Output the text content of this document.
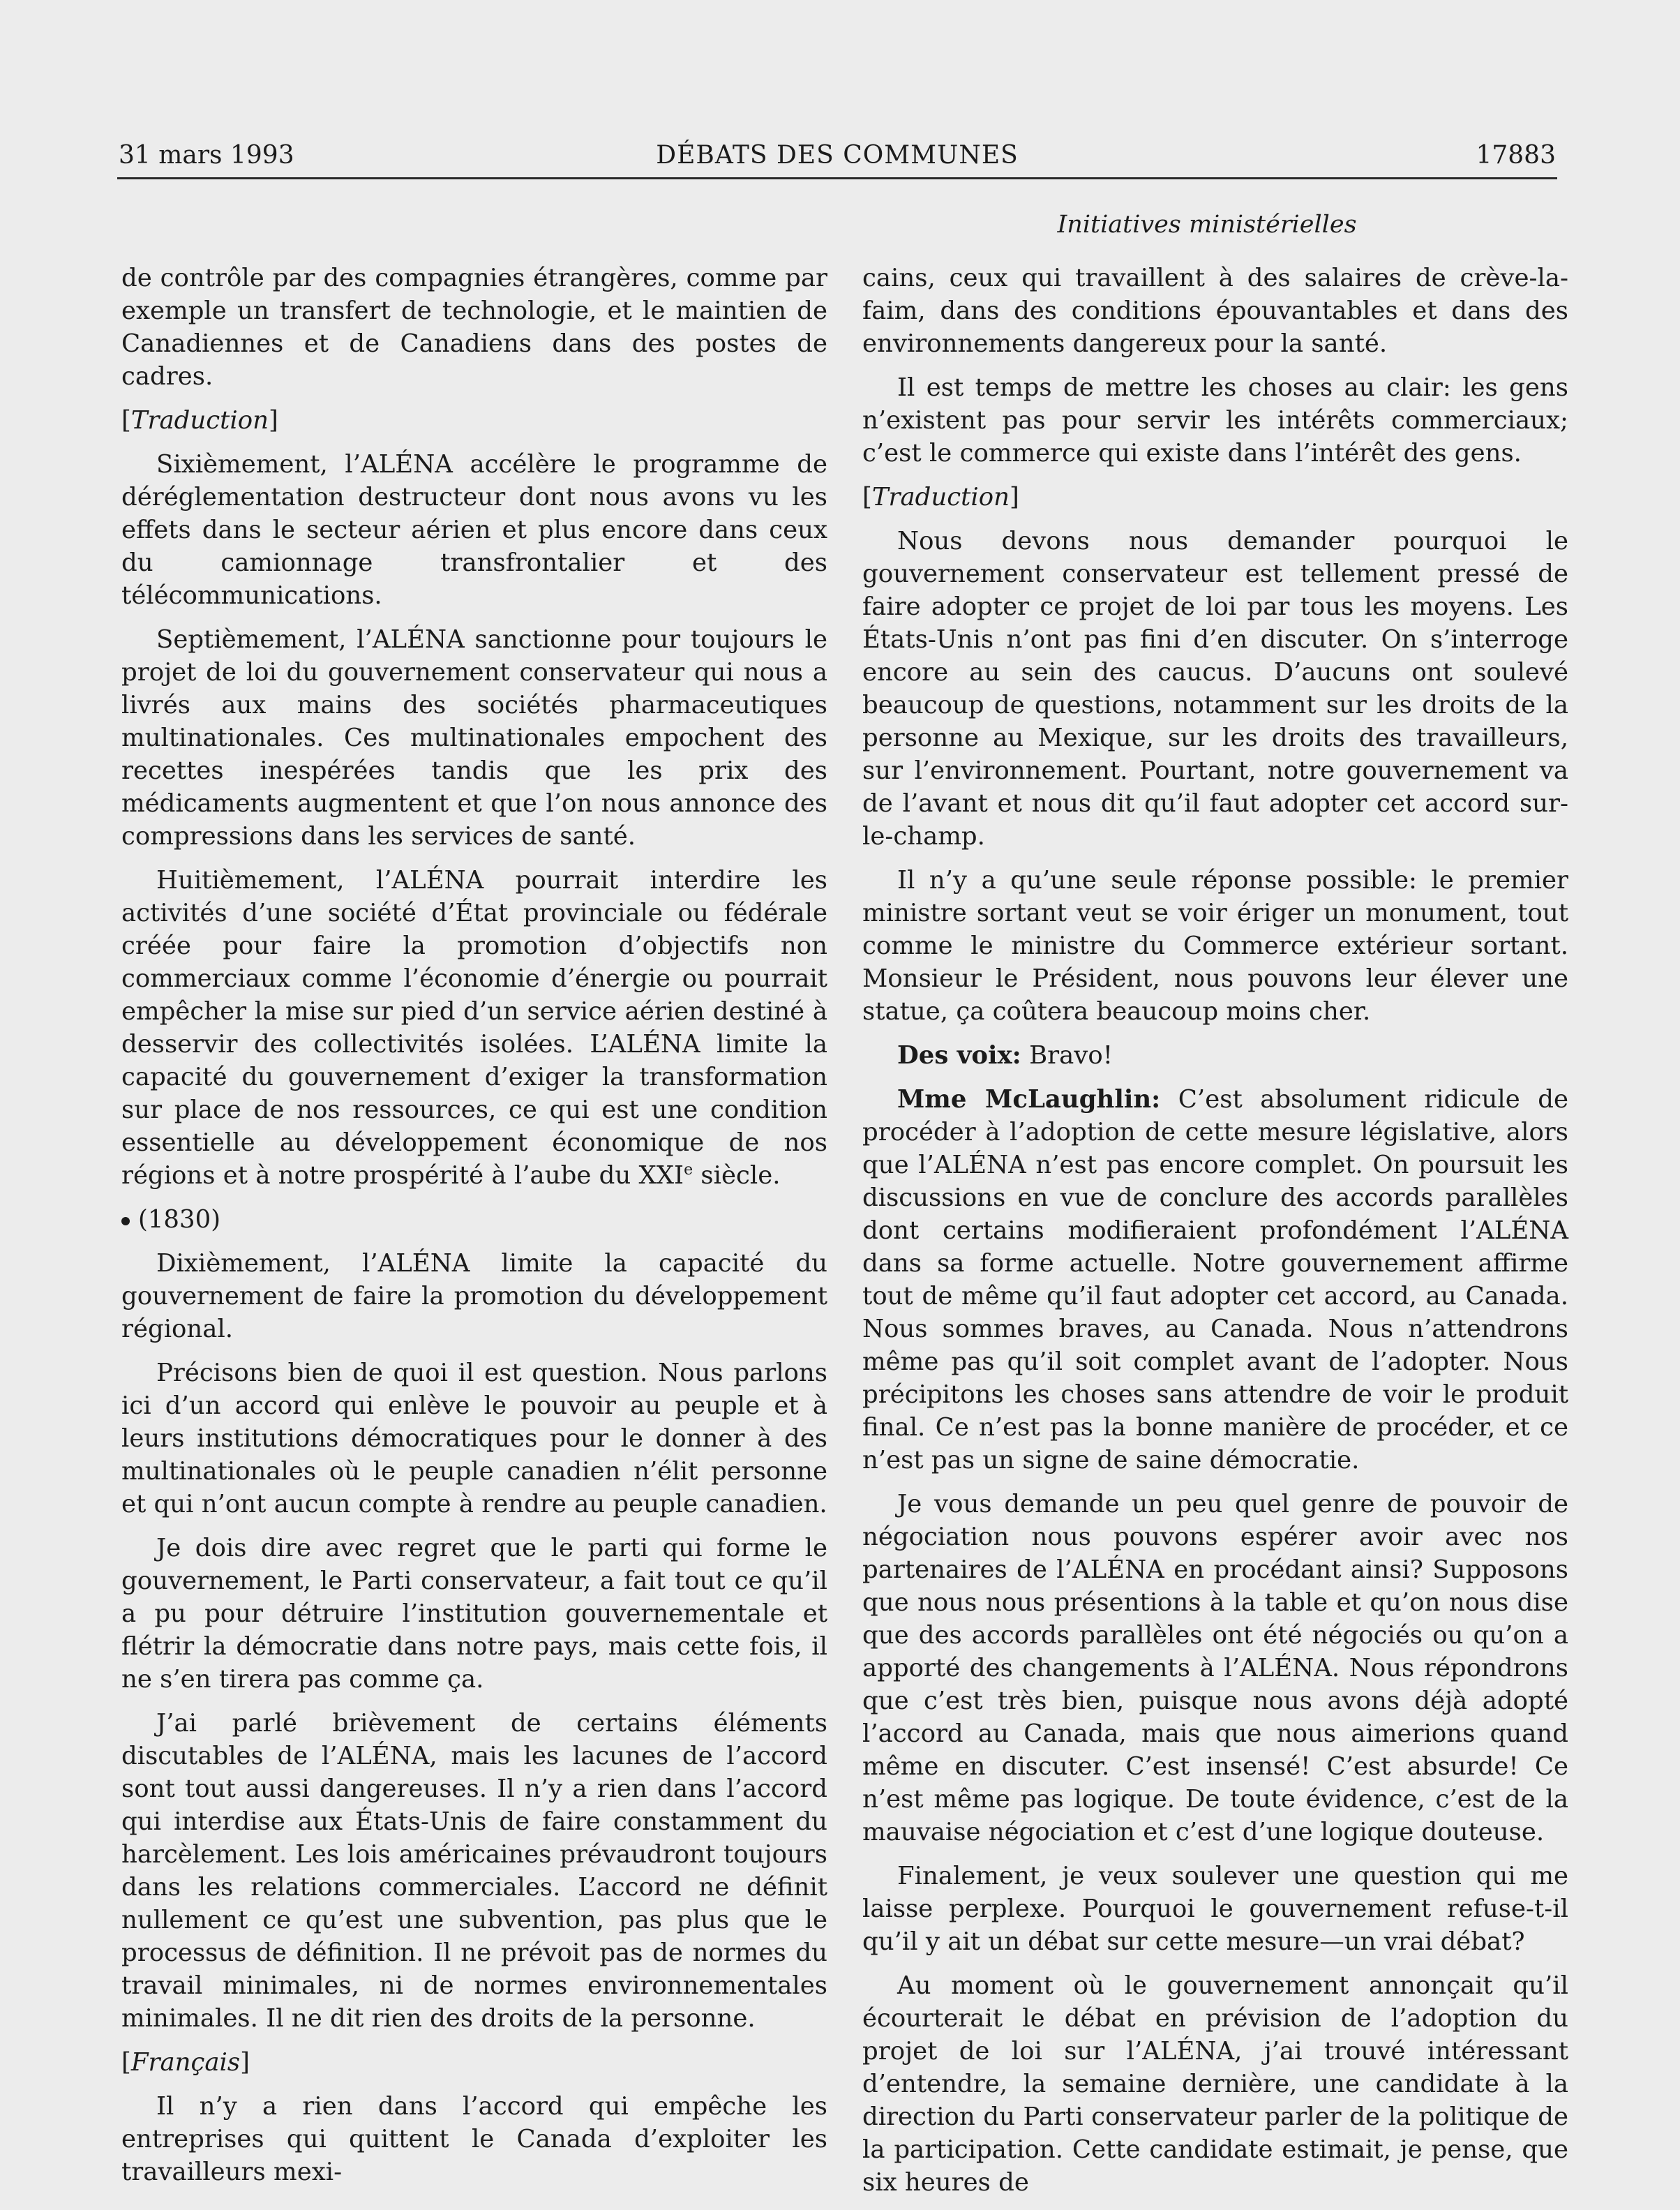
31 mars 1993	DÉBATS DES COMMUNES	17883
Initiatives ministérielles

de contrôle par des compagnies étrangères, comme par exemple un transfert de technologie, et le maintien de Canadiennes et de Canadiens dans des postes de cadres.

[Traduction]

Sixièmement, l’ALÉNA accélère le programme de déréglementation destructeur dont nous avons vu les effets dans le secteur aérien et plus encore dans ceux du camionnage transfrontalier et des télécommunications.

Septièmement, l’ALÉNA sanctionne pour toujours le projet de loi du gouvernement conservateur qui nous a livrés aux mains des sociétés pharmaceutiques multinationales. Ces multinationales empochent des recettes inespérées tandis que les prix des médicaments augmentent et que l’on nous annonce des compressions dans les services de santé.

Huitièmement, l’ALÉNA pourrait interdire les activités d’une société d’État provinciale ou fédérale créée pour faire la promotion d’objectifs non commerciaux comme l’économie d’énergie ou pourrait empêcher la mise sur pied d’un service aérien destiné à desservir des collectivités isolées. L’ALÉNA limite la capacité du gouvernement d’exiger la transformation sur place de nos ressources, ce qui est une condition essentielle au développement économique de nos régions et à notre prospérité à l’aube du XXIe siècle.

(1830)

Dixièmement, l’ALÉNA limite la capacité du gouvernement de faire la promotion du développement régional.

Précisons bien de quoi il est question. Nous parlons ici d’un accord qui enlève le pouvoir au peuple et à leurs institutions démocratiques pour le donner à des multinationales où le peuple canadien n’élit personne et qui n’ont aucun compte à rendre au peuple canadien.

Je dois dire avec regret que le parti qui forme le gouvernement, le Parti conservateur, a fait tout ce qu’il a pu pour détruire l’institution gouvernementale et flétrir la démocratie dans notre pays, mais cette fois, il ne s’en tirera pas comme ça.

J’ai parlé brièvement de certains éléments discutables de l’ALÉNA, mais les lacunes de l’accord sont tout aussi dangereuses. Il n’y a rien dans l’accord qui interdise aux États-Unis de faire constamment du harcèlement. Les lois américaines prévaudront toujours dans les relations commerciales. L’accord ne définit nullement ce qu’est une subvention, pas plus que le processus de définition. Il ne prévoit pas de normes du travail minimales, ni de normes environnementales minimales. Il ne dit rien des droits de la personne.

[Français]

Il n’y a rien dans l’accord qui empêche les entreprises qui quittent le Canada d’exploiter les travailleurs mexi-

cains, ceux qui travaillent à des salaires de crève-la-faim, dans des conditions épouvantables et dans des environnements dangereux pour la santé.

Il est temps de mettre les choses au clair: les gens n’existent pas pour servir les intérêts commerciaux; c’est le commerce qui existe dans l’intérêt des gens.

[Traduction]

Nous devons nous demander pourquoi le gouvernement conservateur est tellement pressé de faire adopter ce projet de loi par tous les moyens. Les États-Unis n’ont pas fini d’en discuter. On s’interroge encore au sein des caucus. D’aucuns ont soulevé beaucoup de questions, notamment sur les droits de la personne au Mexique, sur les droits des travailleurs, sur l’environnement. Pourtant, notre gouvernement va de l’avant et nous dit qu’il faut adopter cet accord sur-le-champ.

Il n’y a qu’une seule réponse possible: le premier ministre sortant veut se voir ériger un monument, tout comme le ministre du Commerce extérieur sortant. Monsieur le Président, nous pouvons leur élever une statue, ça coûtera beaucoup moins cher.

Des voix: Bravo!

Mme McLaughlin: C’est absolument ridicule de procéder à l’adoption de cette mesure législative, alors que l’ALÉNA n’est pas encore complet. On poursuit les discussions en vue de conclure des accords parallèles dont certains modifieraient profondément l’ALÉNA dans sa forme actuelle. Notre gouvernement affirme tout de même qu’il faut adopter cet accord, au Canada. Nous sommes braves, au Canada. Nous n’attendrons même pas qu’il soit complet avant de l’adopter. Nous précipitons les choses sans attendre de voir le produit final. Ce n’est pas la bonne manière de procéder, et ce n’est pas un signe de saine démocratie.

Je vous demande un peu quel genre de pouvoir de négociation nous pouvons espérer avoir avec nos partenaires de l’ALÉNA en procédant ainsi? Supposons que nous nous présentions à la table et qu’on nous dise que des accords parallèles ont été négociés ou qu’on a apporté des changements à l’ALÉNA. Nous répondrons que c’est très bien, puisque nous avons déjà adopté l’accord au Canada, mais que nous aimerions quand même en discuter. C’est insensé! C’est absurde! Ce n’est même pas logique. De toute évidence, c’est de la mauvaise négociation et c’est d’une logique douteuse.

Finalement, je veux soulever une question qui me laisse perplexe. Pourquoi le gouvernement refuse-t-il qu’il y ait un débat sur cette mesure—un vrai débat?

Au moment où le gouvernement annonçait qu’il écourterait le débat en prévision de l’adoption du projet de loi sur l’ALÉNA, j’ai trouvé intéressant d’entendre, la semaine dernière, une candidate à la direction du Parti conservateur parler de la politique de la participation. Cette candidate estimait, je pense, que six heures de
